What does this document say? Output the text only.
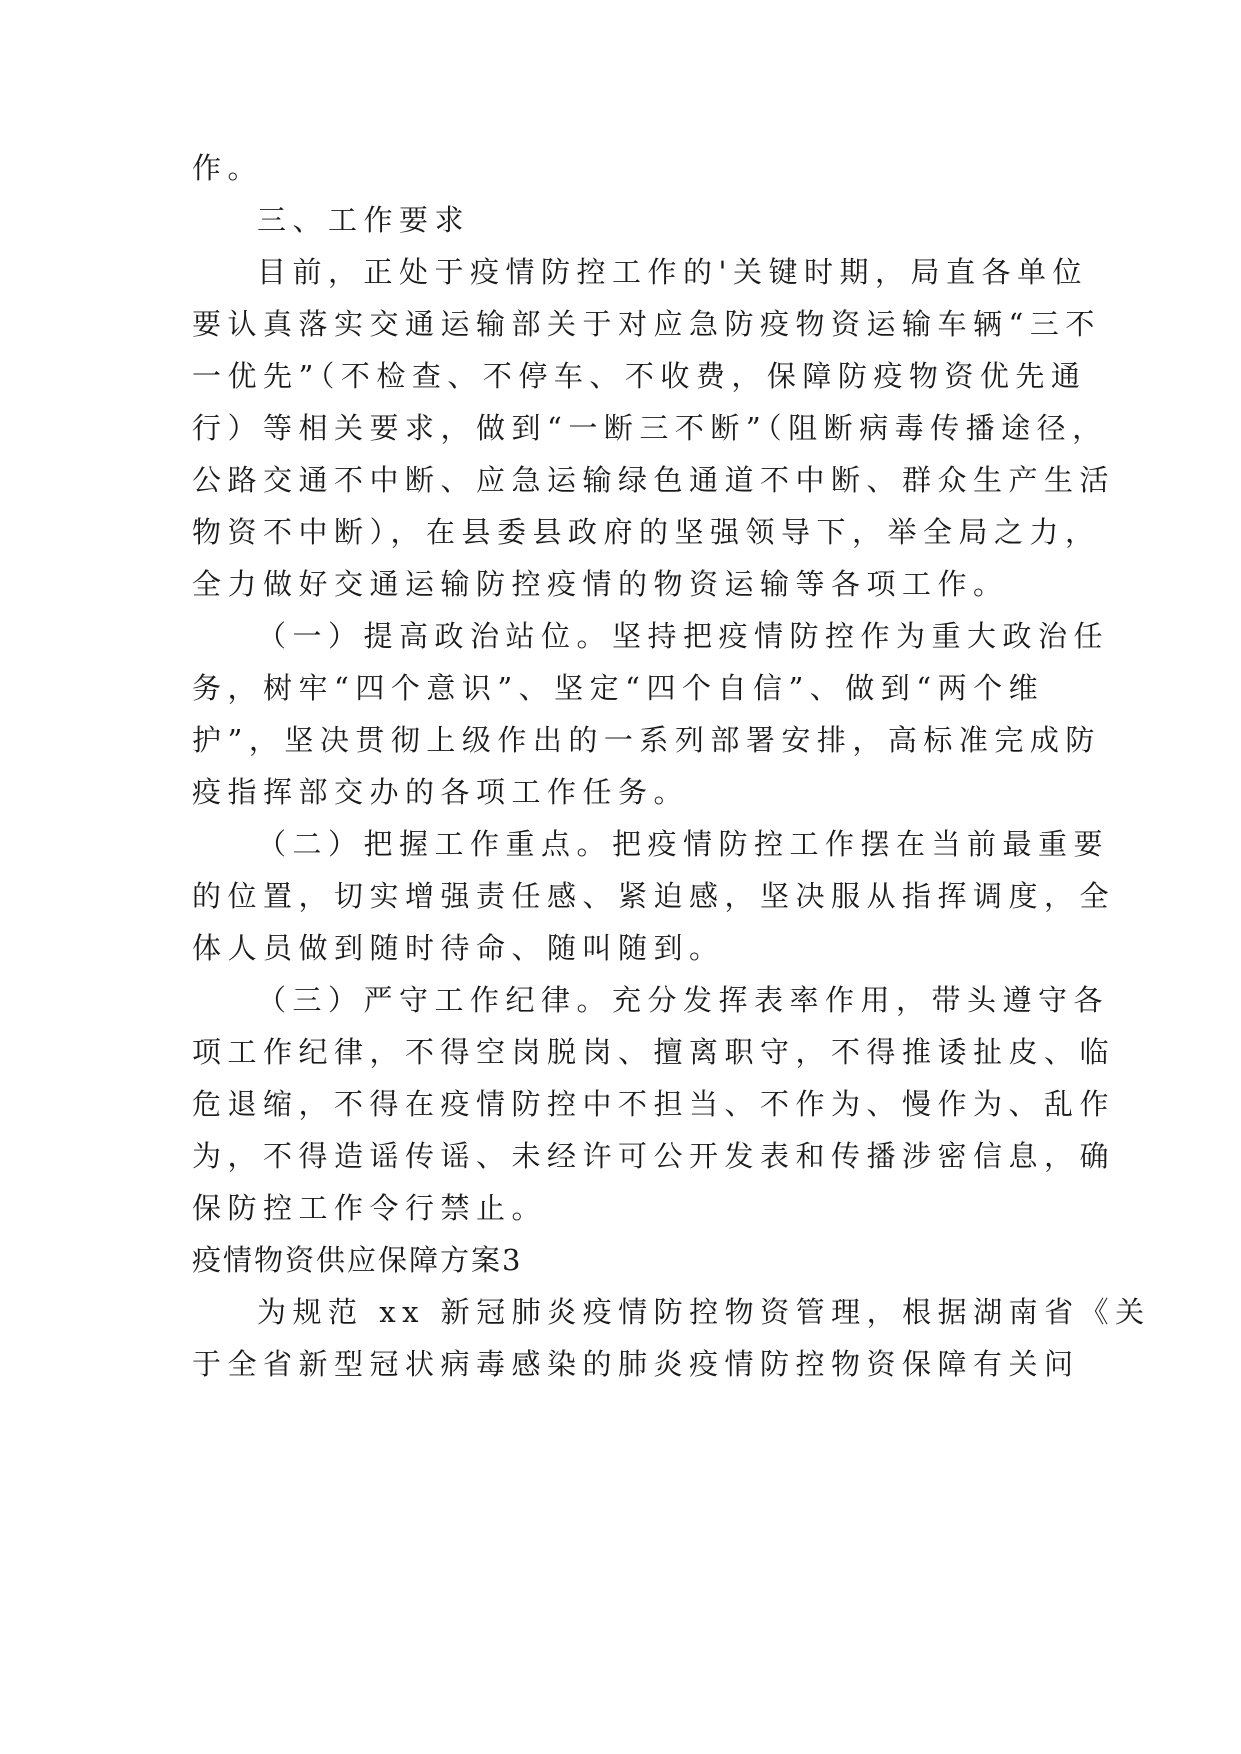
作。
三、工作要求
目前，正处于疫情防控工作的'关键时期，局直各单位
要认真落实交通运输部关于对应急防疫物资运输车辆“三不
一优先”（不检查、不停车、不收费，保障防疫物资优先通
行）等相关要求，做到“一断三不断”（阻断病毒传播途径，
公路交通不中断、应急运输绿色通道不中断、群众生产生活
物资不中断），在县委县政府的坚强领导下，举全局之力，
全力做好交通运输防控疫情的物资运输等各项工作。
（一）提高政治站位。坚持把疫情防控作为重大政治任
务，树牢“四个意识”、坚定“四个自信”、做到“两个维
护”，坚决贯彻上级作出的一系列部署安排，高标准完成防
疫指挥部交办的各项工作任务。
（二）把握工作重点。把疫情防控工作摆在当前最重要
的位置，切实增强责任感、紧迫感，坚决服从指挥调度，全
体人员做到随时待命、随叫随到。
（三）严守工作纪律。充分发挥表率作用，带头遵守各
项工作纪律，不得空岗脱岗、擅离职守，不得推诿扯皮、临
危退缩，不得在疫情防控中不担当、不作为、慢作为、乱作
为，不得造谣传谣、未经许可公开发表和传播涉密信息，确
保防控工作令行禁止。
疫情物资供应保障方案3
为规范 xx 新冠肺炎疫情防控物资管理，根据湖南省《关
于全省新型冠状病毒感染的肺炎疫情防控物资保障有关问
